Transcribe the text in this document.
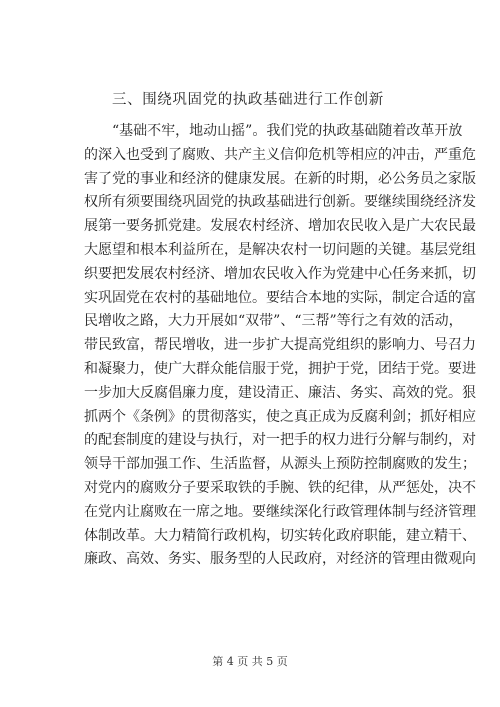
三、围绕巩固党的执政基础进行工作创新
“基础不牢，地动山摇”。我们党的执政基础随着改革开放
的深入也受到了腐败、共产主义信仰危机等相应的冲击，严重危
害了党的事业和经济的健康发展。在新的时期，必公务员之家版
权所有须要围绕巩固党的执政基础进行创新。要继续围绕经济发
展第一要务抓党建。发展农村经济、增加农民收入是广大农民最
大愿望和根本利益所在，是解决农村一切问题的关键。基层党组
织要把发展农村经济、增加农民收入作为党建中心任务来抓，切
实巩固党在农村的基础地位。要结合本地的实际，制定合适的富
民增收之路，大力开展如“双带”、“三帮”等行之有效的活动，
带民致富，帮民增收，进一步扩大提高党组织的影响力、号召力
和凝聚力，使广大群众能信服于党，拥护于党，团结于党。要进
一步加大反腐倡廉力度，建设清正、廉洁、务实、高效的党。狠
抓两个《条例》的贯彻落实，使之真正成为反腐利剑；抓好相应
的配套制度的建设与执行，对一把手的权力进行分解与制约，对
领导干部加强工作、生活监督，从源头上预防控制腐败的发生；
对党内的腐败分子要采取铁的手腕、铁的纪律，从严惩处，决不
在党内让腐败在一席之地。要继续深化行政管理体制与经济管理
体制改革。大力精简行政机构，切实转化政府职能，建立精干、
廉政、高效、务实、服务型的人民政府，对经济的管理由微观向
第 4 页 共 5 页
